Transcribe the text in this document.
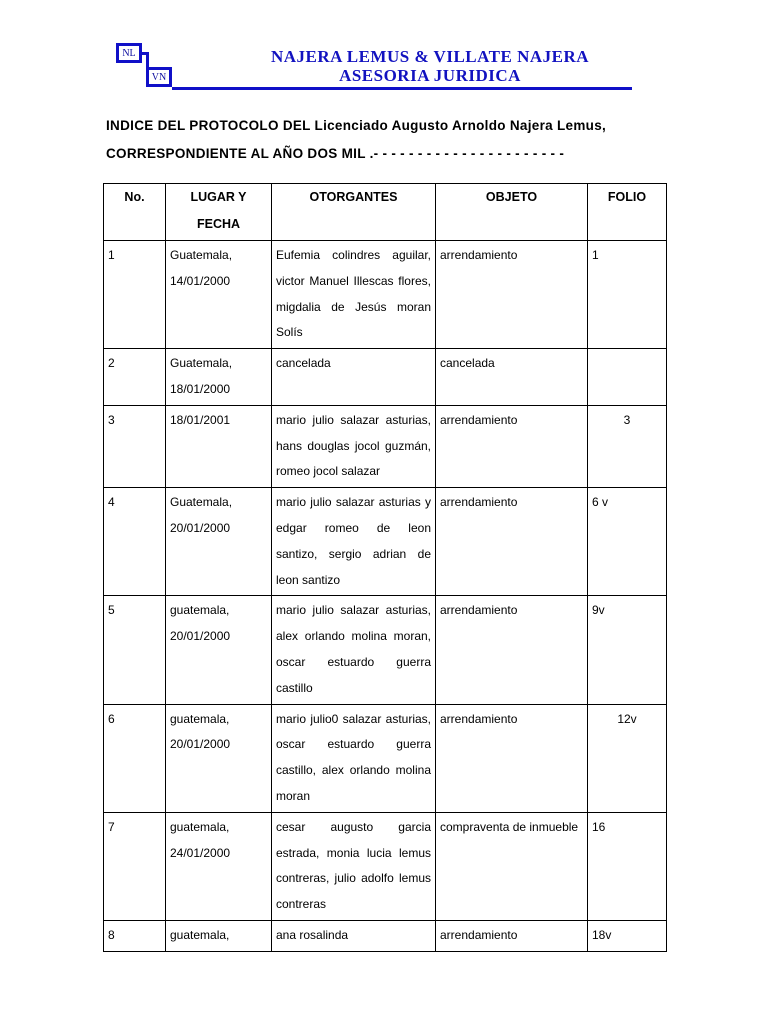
NL
VN
NAJERA LEMUS & VILLATE NAJERA
ASESORIA JURIDICA
INDICE DEL PROTOCOLO DEL Licenciado Augusto Arnoldo Najera Lemus,
CORRESPONDIENTE AL AÑO DOS MIL .- - - - - - - - - - - - - - - - - - - - - -
No.	LUGAR Y FECHA	OTORGANTES	OBJETO	FOLIO
1	Guatemala, 14/01/2000	Eufemia colindres aguilar, victor Manuel Illescas flores, migdalia de Jesús moran Solís	arrendamiento	1
2	Guatemala, 18/01/2000	cancelada	cancelada	
3	18/01/2001	mario julio salazar asturias, hans douglas jocol guzmán, romeo jocol salazar	arrendamiento	3
4	Guatemala, 20/01/2000	mario julio salazar asturias y edgar romeo de leon santizo, sergio adrian de leon santizo	arrendamiento	6 v
5	guatemala, 20/01/2000	mario julio salazar asturias, alex orlando molina moran, oscar estuardo guerra castillo	arrendamiento	9v
6	guatemala, 20/01/2000	mario julio0 salazar asturias, oscar estuardo guerra castillo, alex orlando molina moran	arrendamiento	12v
7	guatemala, 24/01/2000	cesar augusto garcia estrada, monia lucia lemus contreras, julio adolfo lemus contreras	compraventa de inmueble	16
8	guatemala,	ana rosalinda	arrendamiento	18v
